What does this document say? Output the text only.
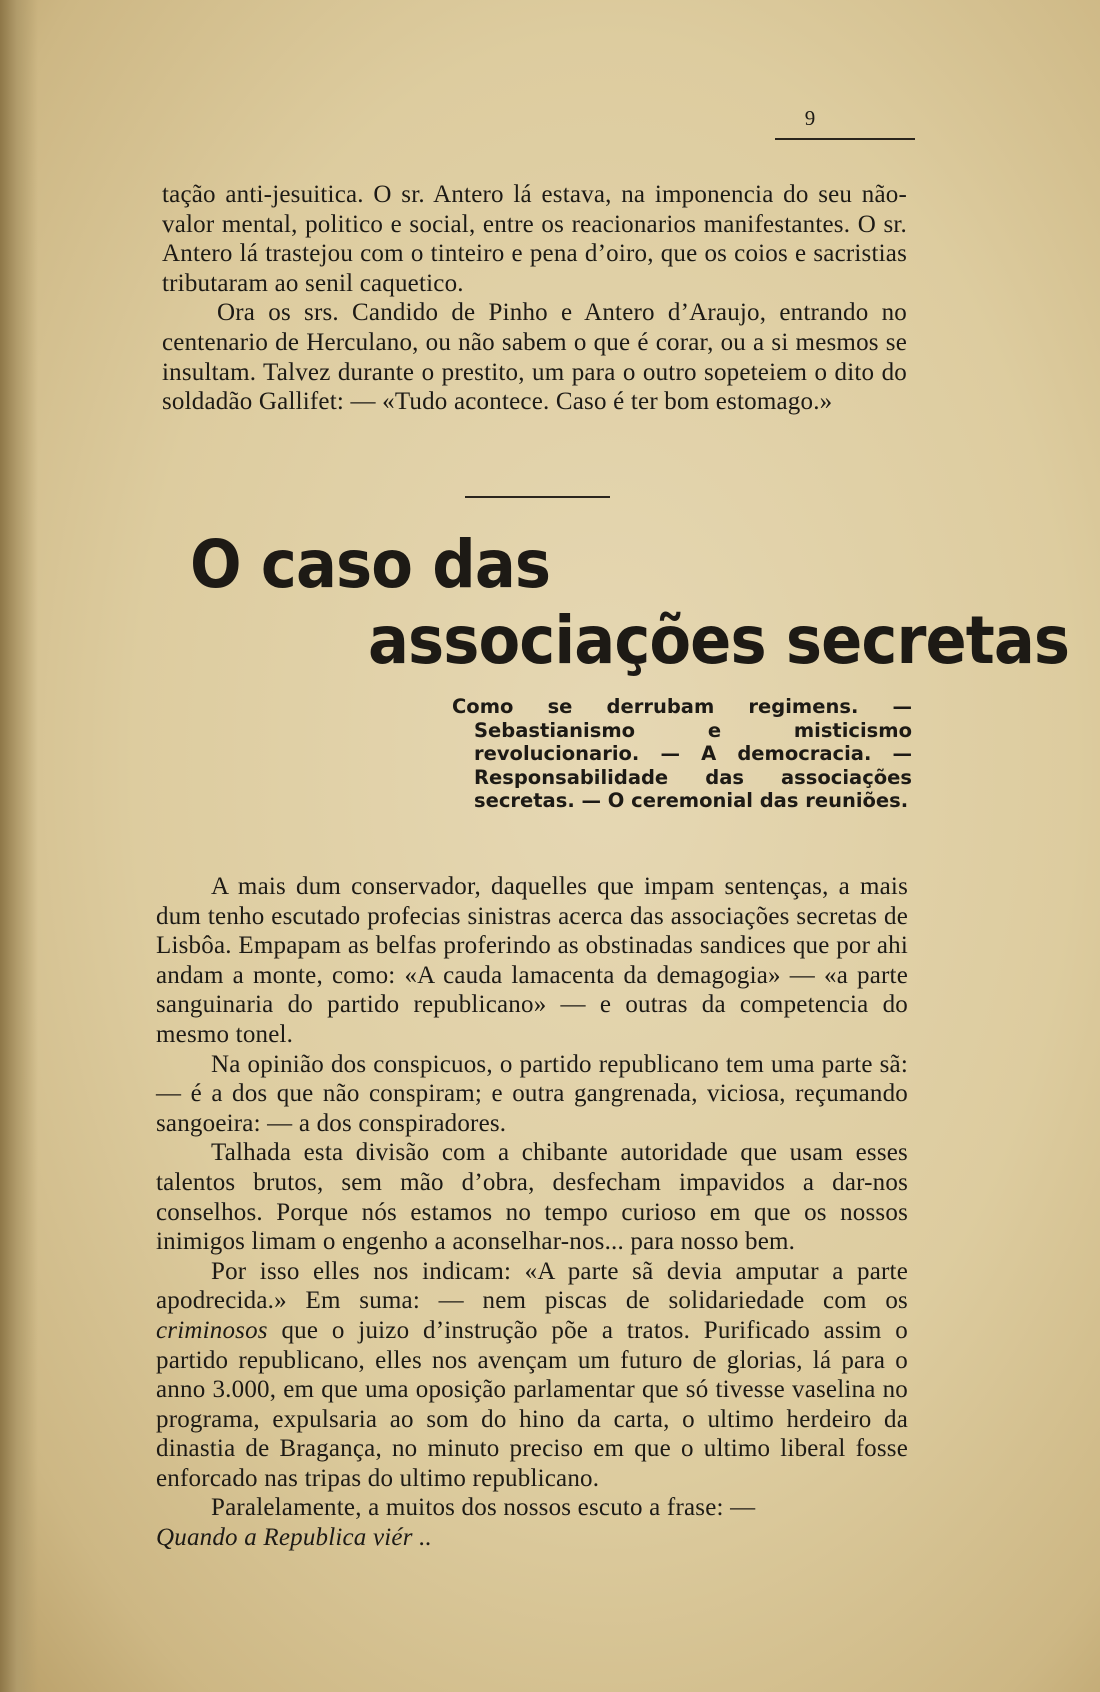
9

tação anti-jesuitica. O sr. Antero lá estava, na imponencia do seu não-valor mental, politico e social, entre os reacionarios manifestantes. O sr. Antero lá trastejou com o tinteiro e pena d’oiro, que os coios e sacristias tributaram ao senil caquetico.

Ora os srs. Candido de Pinho e Antero d’Araujo, entrando no centenario de Herculano, ou não sabem o que é corar, ou a si mesmos se insultam. Talvez durante o prestito, um para o outro sopeteiem o dito do soldadão Gallifet: — «Tudo acontece. Caso é ter bom estomago.»

O caso das
associações secretas
Como se derrubam regimens. — Sebastianismo e misticismo revolucionario. — A democracia. — Responsabilidade das associações secretas. — O ceremonial das reuniões.

A mais dum conservador, daquelles que impam sentenças, a mais dum tenho escutado profecias sinistras acerca das associações secretas de Lisbôa. Empapam as belfas proferindo as obstinadas sandices que por ahi andam a monte, como: «A cauda lamacenta da demagogia» — «a parte sanguinaria do partido republicano» — e outras da competencia do mesmo tonel.

Na opinião dos conspicuos, o partido republicano tem uma parte sã: — é a dos que não conspiram; e outra gangrenada, viciosa, reçumando sangoeira: — a dos conspiradores.

Talhada esta divisão com a chibante autoridade que usam esses talentos brutos, sem mão d’obra, desfecham impavidos a dar-nos conselhos. Porque nós estamos no tempo curioso em que os nossos inimigos limam o engenho a aconselhar-nos... para nosso bem.

Por isso elles nos indicam: «A parte sã devia amputar a parte apodrecida.» Em suma: — nem piscas de solidariedade com os criminosos que o juizo d’instrução põe a tratos. Purificado assim o partido republicano, elles nos avençam um futuro de glorias, lá para o anno 3.000, em que uma oposição parlamentar que só tivesse vaselina no programa, expulsaria ao som do hino da carta, o ultimo herdeiro da dinastia de Bragança, no minuto preciso em que o ultimo liberal fosse enforcado nas tripas do ultimo republicano.

Paralelamente, a muitos dos nossos escuto a frase: —

Quando a Republica viér ..
